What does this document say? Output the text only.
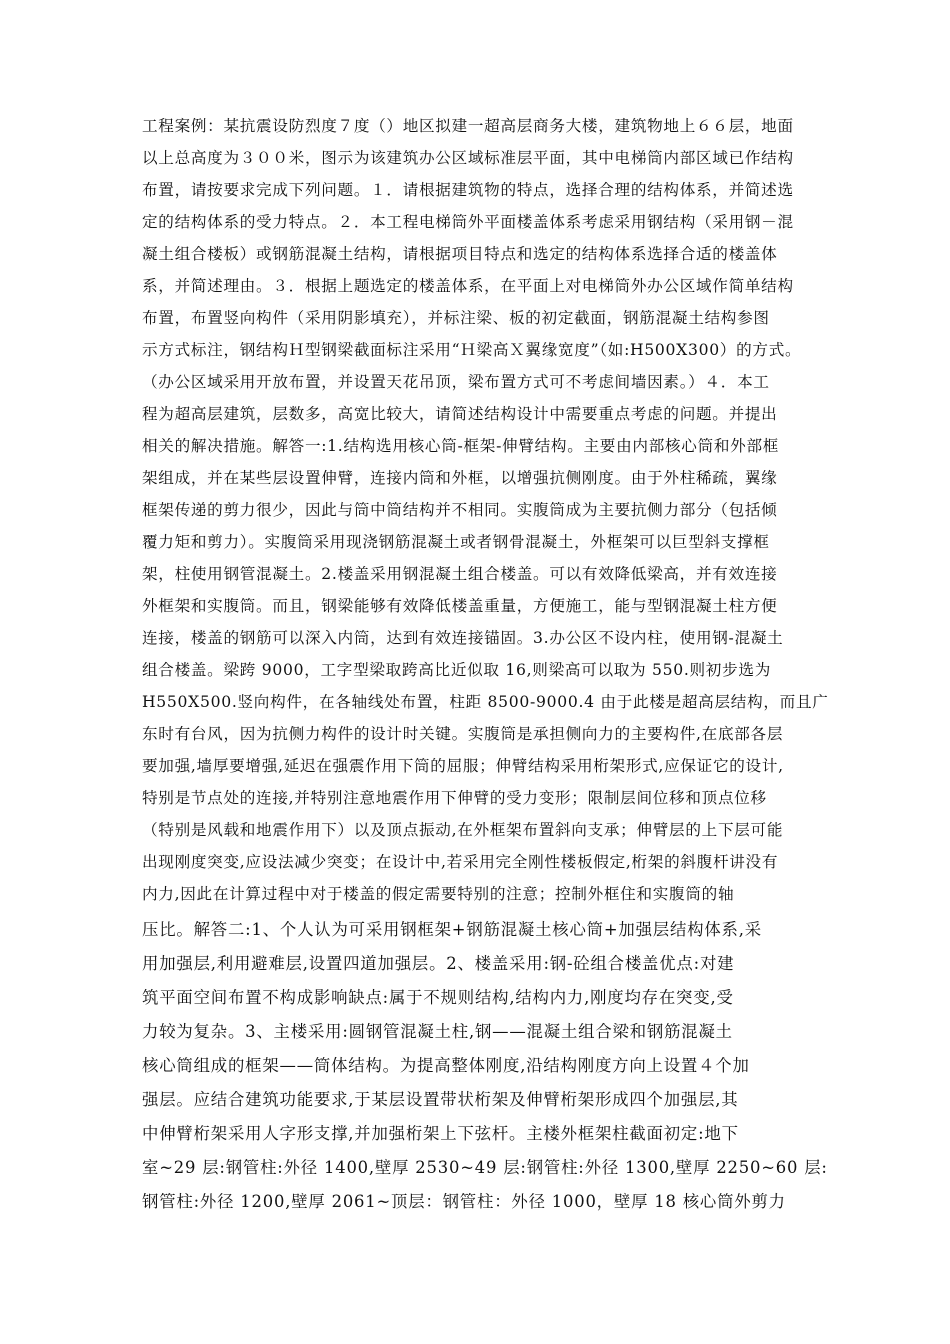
工程案例：某抗震设防烈度７度（）地区拟建一超高层商务大楼，建筑物地上６６层，地面
以上总高度为３００米，图示为该建筑办公区域标准层平面，其中电梯筒内部区域已作结构
布置，请按要求完成下列问题。１．请根据建筑物的特点，选择合理的结构体系，并简述选
定的结构体系的受力特点。２．本工程电梯筒外平面楼盖体系考虑采用钢结构（采用钢－混
凝土组合楼板）或钢筋混凝土结构，请根据项目特点和选定的结构体系选择合适的楼盖体
系，并简述理由。３．根据上题选定的楼盖体系，在平面上对电梯筒外办公区域作简单结构
布置，布置竖向构件（采用阴影填充），并标注梁、板的初定截面，钢筋混凝土结构参图
示方式标注，钢结构Ｈ型钢梁截面标注采用“Ｈ梁高Ｘ翼缘宽度”（如:H500X300）的方式。
（办公区域采用开放布置，并设置天花吊顶，梁布置方式可不考虑间墙因素。）４．本工
程为超高层建筑，层数多，高宽比较大，请简述结构设计中需要重点考虑的问题。并提出
相关的解决措施。解答一:1.结构选用核心筒-框架-伸臂结构。主要由内部核心筒和外部框
架组成，并在某些层设置伸臂，连接内筒和外框，以增强抗侧刚度。由于外柱稀疏，翼缘
框架传递的剪力很少，因此与筒中筒结构并不相同。实腹筒成为主要抗侧力部分（包括倾
覆力矩和剪力）。实腹筒采用现浇钢筋混凝土或者钢骨混凝土，外框架可以巨型斜支撑框
架，柱使用钢管混凝土。2.楼盖采用钢混凝土组合楼盖。可以有效降低梁高，并有效连接
外框架和实腹筒。而且，钢梁能够有效降低楼盖重量，方便施工，能与型钢混凝土柱方便
连接，楼盖的钢筋可以深入内筒，达到有效连接锚固。3.办公区不设内柱，使用钢-混凝土
组合楼盖。梁跨 9000，工字型梁取跨高比近似取 16,则梁高可以取为 550.则初步选为
H550X500.竖向构件，在各轴线处布置，柱距 8500-9000.4 由于此楼是超高层结构，而且广
东时有台风，因为抗侧力构件的设计时关键。实腹筒是承担侧向力的主要构件,在底部各层
要加强,墙厚要增强,延迟在强震作用下筒的屈服；伸臂结构采用桁架形式,应保证它的设计,
特别是节点处的连接,并特别注意地震作用下伸臂的受力变形；限制层间位移和顶点位移
（特别是风载和地震作用下）以及顶点振动,在外框架布置斜向支承；伸臂层的上下层可能
出现刚度突变,应设法减少突变；在设计中,若采用完全刚性楼板假定,桁架的斜腹杆讲没有
内力,因此在计算过程中对于楼盖的假定需要特别的注意；控制外框住和实腹筒的轴
压比。解答二:1、个人认为可采用钢框架+钢筋混凝土核心筒+加强层结构体系,采
用加强层,利用避难层,设置四道加强层。2、楼盖采用:钢-砼组合楼盖优点:对建
筑平面空间布置不构成影响缺点:属于不规则结构,结构内力,刚度均存在突变,受
力较为复杂。3、主楼采用:圆钢管混凝土柱,钢——混凝土组合梁和钢筋混凝土
核心筒组成的框架——筒体结构。为提高整体刚度,沿结构刚度方向上设置４个加
强层。应结合建筑功能要求,于某层设置带状桁架及伸臂桁架形成四个加强层,其
中伸臂桁架采用人字形支撑,并加强桁架上下弦杆。主楼外框架柱截面初定:地下
室~29 层:钢管柱:外径 1400,壁厚 2530~49 层:钢管柱:外径 1300,壁厚 2250~60 层:
钢管柱:外径 1200,壁厚 2061~顶层：钢管柱：外径 1000，壁厚 18 核心筒外剪力
